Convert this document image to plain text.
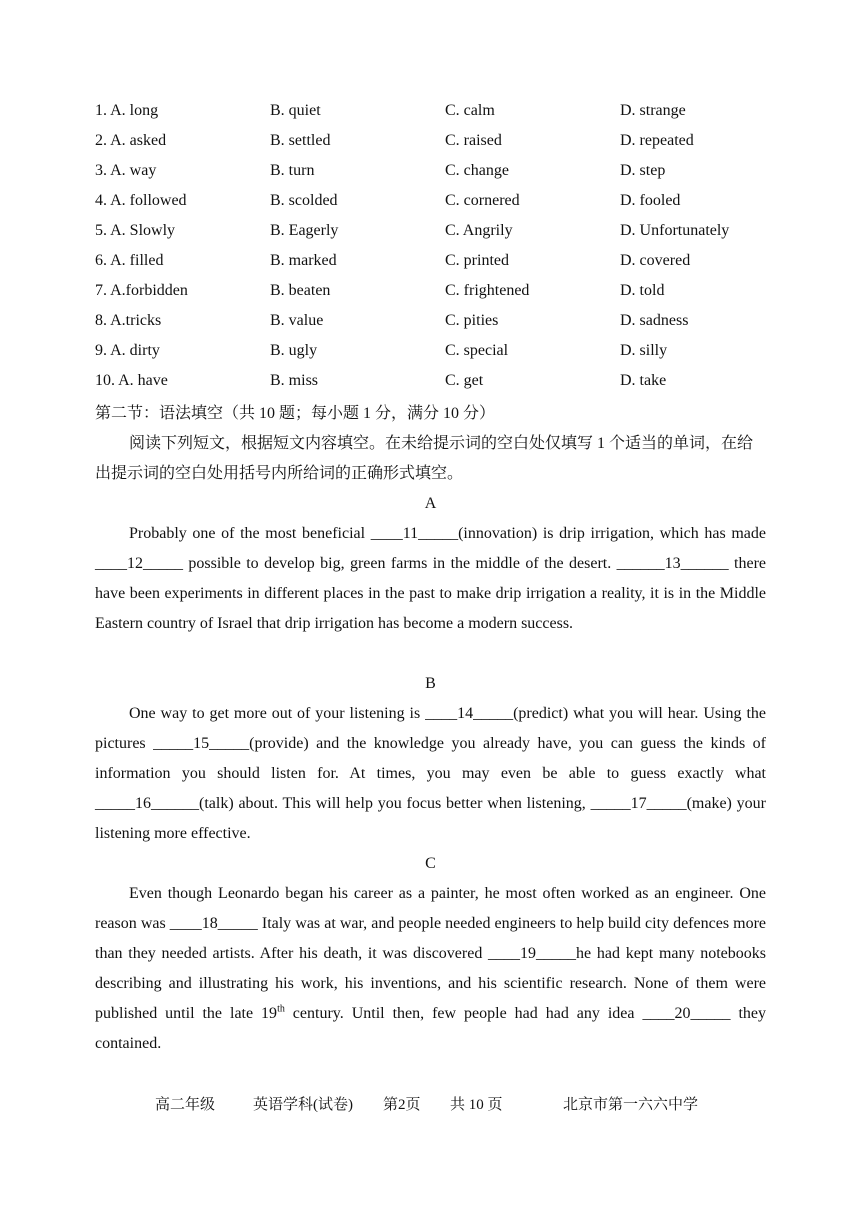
1. A. long	B. quiet	C. calm	D. strange
2. A. asked	B. settled	C. raised	D. repeated
3. A. way	B. turn	C. change	D. step
4. A. followed	B. scolded	C. cornered	D. fooled
5. A. Slowly	B. Eagerly	C. Angrily	D. Unfortunately
6. A. filled	B. marked	C. printed	D. covered
7. A.forbidden	B. beaten	C. frightened	D. told
8. A.tricks	B. value	C. pities	D. sadness
9. A. dirty	B. ugly	C. special	D. silly
10. A. have	B. miss	C. get	D. take
第二节：语法填空（共 10 题；每小题 1 分，满分 10 分）
阅读下列短文，根据短文内容填空。在未给提示词的空白处仅填写 1 个适当的单词，在给出提示词的空白处用括号内所给词的正确形式填空。
A

Probably one of the most beneficial ____11_____(innovation) is drip irrigation, which has made ____12_____ possible to develop big, green farms in the middle of the desert. ______13______ there have been experiments in different places in the past to make drip irrigation a reality, it is in the Middle Eastern country of Israel that drip irrigation has become a modern success.

B

One way to get more out of your listening is ____14_____(predict) what you will hear. Using the pictures _____15_____(provide) and the knowledge you already have, you can guess the kinds of information you should listen for. At times, you may even be able to guess exactly what _____16______(talk) about. This will help you focus better when listening, _____17_____(make) your listening more effective.

C

Even though Leonardo began his career as a painter, he most often worked as an engineer. One reason was ____18_____ Italy was at war, and people needed engineers to help build city defences more than they needed artists. After his death, it was discovered ____19_____he had kept many notebooks describing and illustrating his work, his inventions, and his scientific research. None of them were published until the late 19th century. Until then, few people had had any idea ____20_____ they contained.

高二年级	英语学科(试卷) 第2页 共 10 页	北京市第一六六中学
